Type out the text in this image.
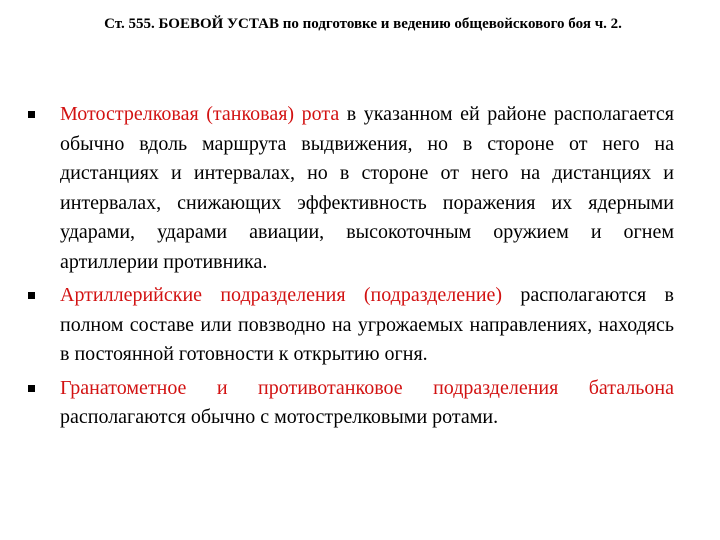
Ст. 555. БОЕВОЙ УСТАВ по подготовке и ведению общевойскового боя ч. 2.
Мотострелковая (танковая) рота в указанном ей районе располагается обычно вдоль маршрута выдвижения, но в стороне от него на дистанциях и интервалах, но в стороне от него на дистанциях и интервалах, снижающих эффективность поражения их ядерными ударами, ударами авиации, высокоточным оружием и огнем артиллерии противника.
Артиллерийские подразделения (подразделение) располагаются в полном составе или повзводно на угрожаемых направлениях, находясь в постоянной готовности к открытию огня.
Гранатометное и противотанковое подразделения батальона располагаются обычно с мотострелковыми ротами.
